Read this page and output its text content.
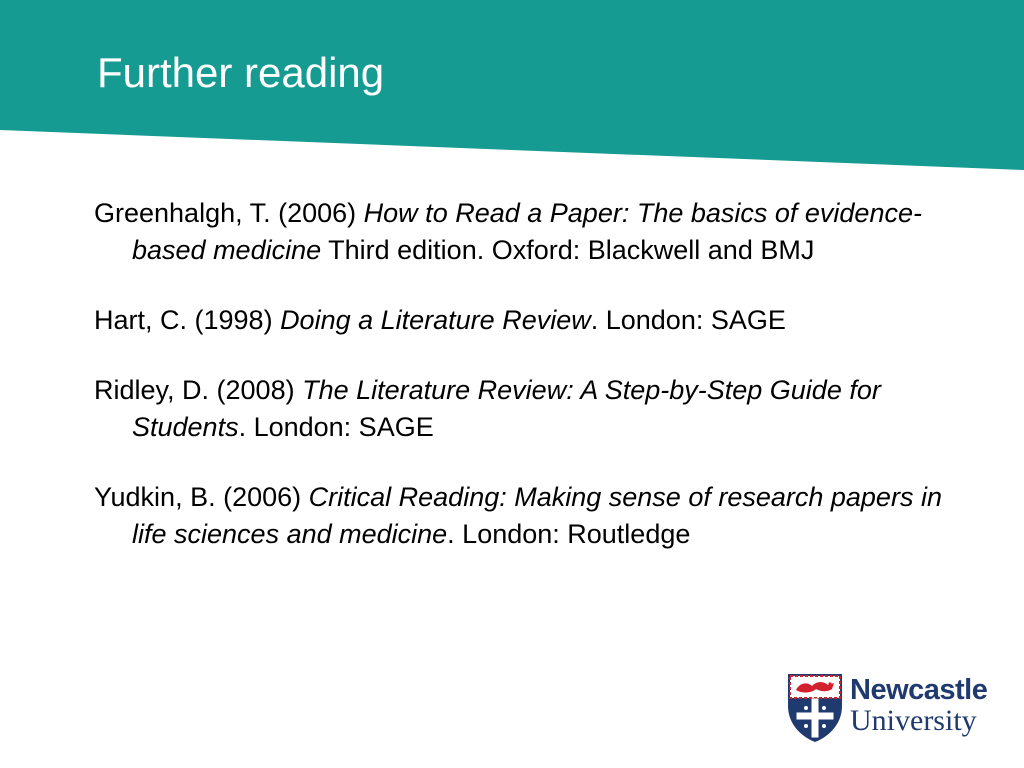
Further reading

Greenhalgh, T. (2006) How to Read a Paper: The basics of evidence-based medicine Third edition. Oxford: Blackwell and BMJ

Hart, C. (1998) Doing a Literature Review. London: SAGE

Ridley, D. (2008) The Literature Review: A Step-by-Step Guide for Students. London: SAGE

Yudkin, B. (2006) Critical Reading: Making sense of research papers in life sciences and medicine. London: Routledge

Newcastle
University
